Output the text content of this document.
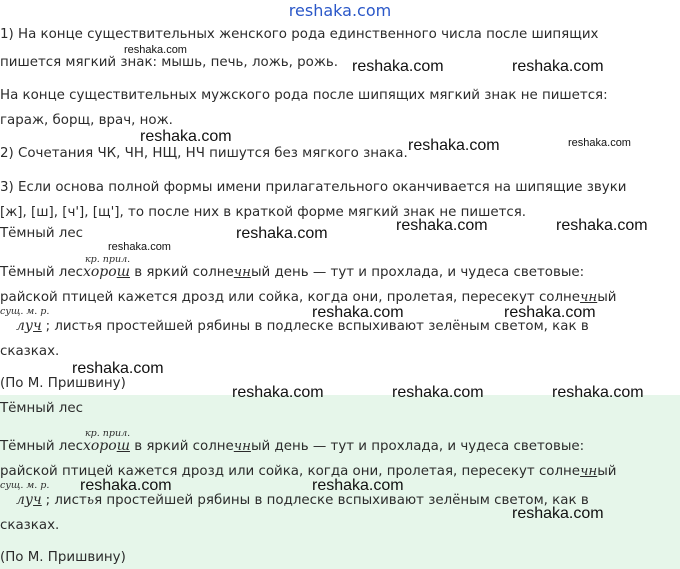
reshaka.com
1) На конце существительных женского рода единственного числа после шипящих
пишется мягкий знак: мышь, печь, ложь, рожь.
На конце существительных мужского рода после шипящих мягкий знак не пишется:
гараж, борщ, врач, нож.
2) Сочетания ЧК, ЧН, НЩ, НЧ пишутся без мягкого знака.
3) Если основа полной формы имени прилагательного оканчивается на шипящие звуки
[ж], [ш], [ч'], [щ'], то после них в краткой форме мягкий знак не пишется.
Тёмный лес
Тёмный лес
кр. прил.
хорош в яркий солнечный день — тут и прохлада, и чудеса световые:
райской птицей кажется дрозд или сойка, когда они, пролетая, пересекут солнечный
сущ. м. р.
луч ; листья простейшей рябины в подлеске вспыхивают зелёным светом, как в
сказках.
(По М. Пришвину)
Тёмный лес
Тёмный лес
кр. прил.
хорош в яркий солнечный день — тут и прохлада, и чудеса световые:
райской птицей кажется дрозд или сойка, когда они, пролетая, пересекут солнечный
сущ. м. р.
луч ; листья простейшей рябины в подлеске вспыхивают зелёным светом, как в
сказках.
(По М. Пришвину)
reshaka.com
reshaka.com	reshaka.com
reshaka.com
reshaka.com	reshaka.com
reshaka.com	reshaka.com
reshaka.com
reshaka.com
reshaka.com	reshaka.com
reshaka.com
reshaka.com	reshaka.com	reshaka.com
reshaka.com	reshaka.com
reshaka.com
